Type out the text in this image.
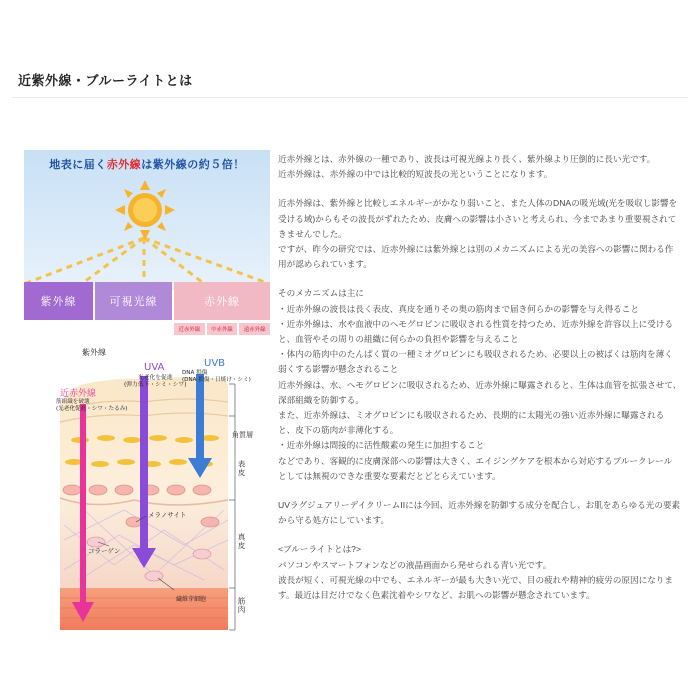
近紫外線・ブルーライトとは
地表に届く赤外線は紫外線の約５倍！
紫外線	可視光線	赤外線
近赤外線	中赤外線	遠赤外線
紫外線
UVA
光老化を促進
(弾力低下・シミ・シワ)
UVB
DNA 損傷
(DNA 損傷・日焼け・シミ)
近赤外線
筋組織を破壊
(光老化促進・シワ・たるみ)
メラノサイト
コラーゲン
繊維芽細胞
角質層
表皮
真皮
筋肉
近赤外線とは、赤外線の一種であり、波長は可視光線より長く、紫外線より圧倒的に長い光です。
近赤外線は、赤外線の中では比較的短波長の光ということになります。
近赤外線は、紫外線と比較しエネルギーがかなり弱いこと、また人体のDNAの吸光域(光を吸収し影響を
受ける域)からもその波長がずれたため、皮膚への影響は小さいと考えられ、今まであまり重要視されて
きませんでした。
ですが、昨今の研究では、近赤外線には紫外線とは別のメカニズムによる光の美容への影響に関わる作
用が認められています。
そのメカニズムは主に
・近赤外線の波長は長く表皮、真皮を通りその奥の筋肉まで届き何らかの影響を与え得ること
・近赤外線は、水や血液中のヘモグロビンに吸収される性質を持つため、近赤外線を許容以上に受ける
と、血管やその周りの組織に何らかの負担や影響を与えること
・体内の筋肉中のたんぱく質の一種ミオグロビンにも吸収されるため、必要以上の被ばくは筋肉を薄く
弱くする影響が懸念されること
近赤外線は、水、ヘモグロビンに吸収されるため、近赤外線に曝露されると、生体は血管を拡張させて、
深部組織を防御する。
また、近赤外線は、ミオグロビンにも吸収されるため、長期的に太陽光の強い近赤外線に曝露される
と、皮下の筋肉が非薄化する。
・近赤外線は間接的に活性酸素の発生に加担すること
などであり、客観的に皮膚深部への影響は大きく、エイジングケアを根本から対応するブルークレール
としては無視のできな重要な要素だとどとらえています。
UVラグジュアリーデイクリームIIには今回、近赤外線を防御する成分を配合し、お肌をあらゆる光の要素
から守る処方にしています。
<ブルーライトとは?>
パソコンやスマートフォンなどの液晶画面から発せられる青い光です。
波長が短く、可視光線の中でも、エネルギーが最も大きい光で、目の疲れや精神的疲労の原因になりま
す。最近は目だけでなく色素沈着やシワなど、お肌への影響が懸念されています。
